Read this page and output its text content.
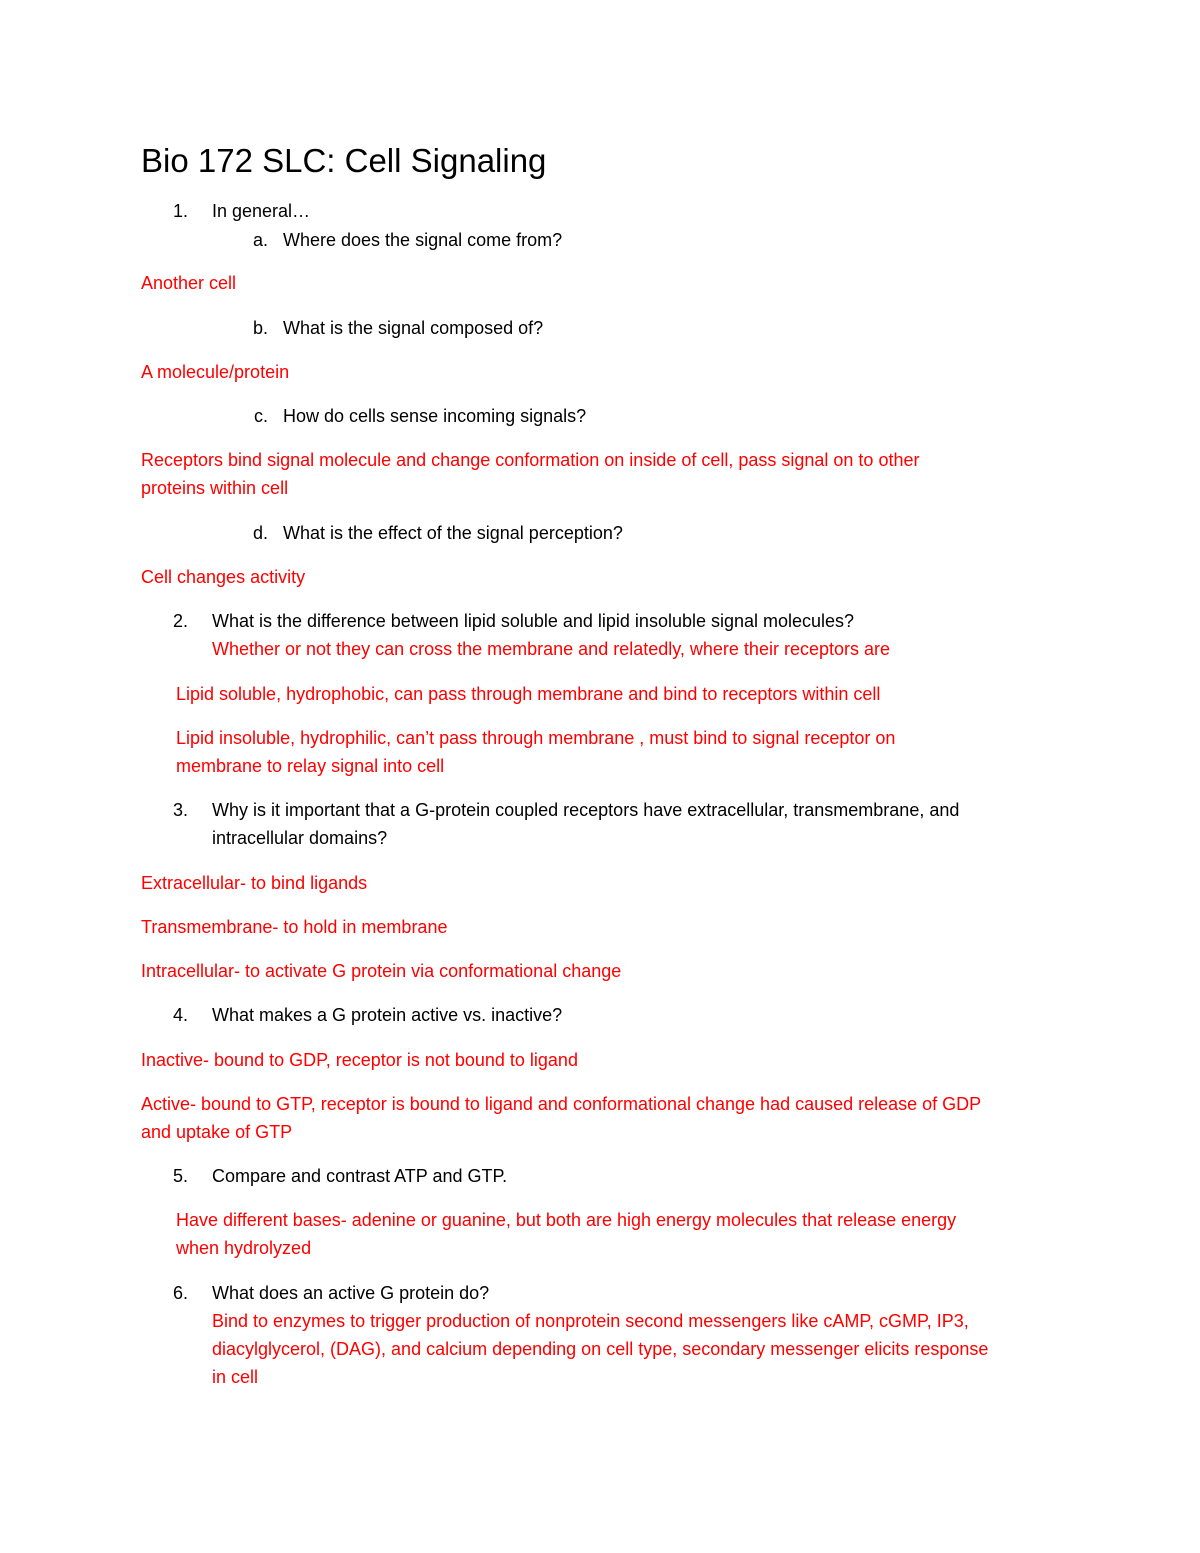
Bio 172 SLC: Cell Signaling
1. In general…
a. Where does the signal come from?
Another cell
b. What is the signal composed of?
A molecule/protein
c. How do cells sense incoming signals?
Receptors bind signal molecule and change conformation on inside of cell, pass signal on to other
proteins within cell
d. What is the effect of the signal perception?
Cell changes activity
2. What is the difference between lipid soluble and lipid insoluble signal molecules?
Whether or not they can cross the membrane and relatedly, where their receptors are
Lipid soluble, hydrophobic, can pass through membrane and bind to receptors within cell
Lipid insoluble, hydrophilic, can’t pass through membrane , must bind to signal receptor on
membrane to relay signal into cell
3. Why is it important that a G-protein coupled receptors have extracellular, transmembrane, and
intracellular domains?
Extracellular- to bind ligands
Transmembrane- to hold in membrane
Intracellular- to activate G protein via conformational change
4. What makes a G protein active vs. inactive?
Inactive- bound to GDP, receptor is not bound to ligand
Active- bound to GTP, receptor is bound to ligand and conformational change had caused release of GDP
and uptake of GTP
5. Compare and contrast ATP and GTP.
Have different bases- adenine or guanine, but both are high energy molecules that release energy
when hydrolyzed
6. What does an active G protein do?
Bind to enzymes to trigger production of nonprotein second messengers like cAMP, cGMP, IP3,
diacylglycerol, (DAG), and calcium depending on cell type, secondary messenger elicits response
in cell
